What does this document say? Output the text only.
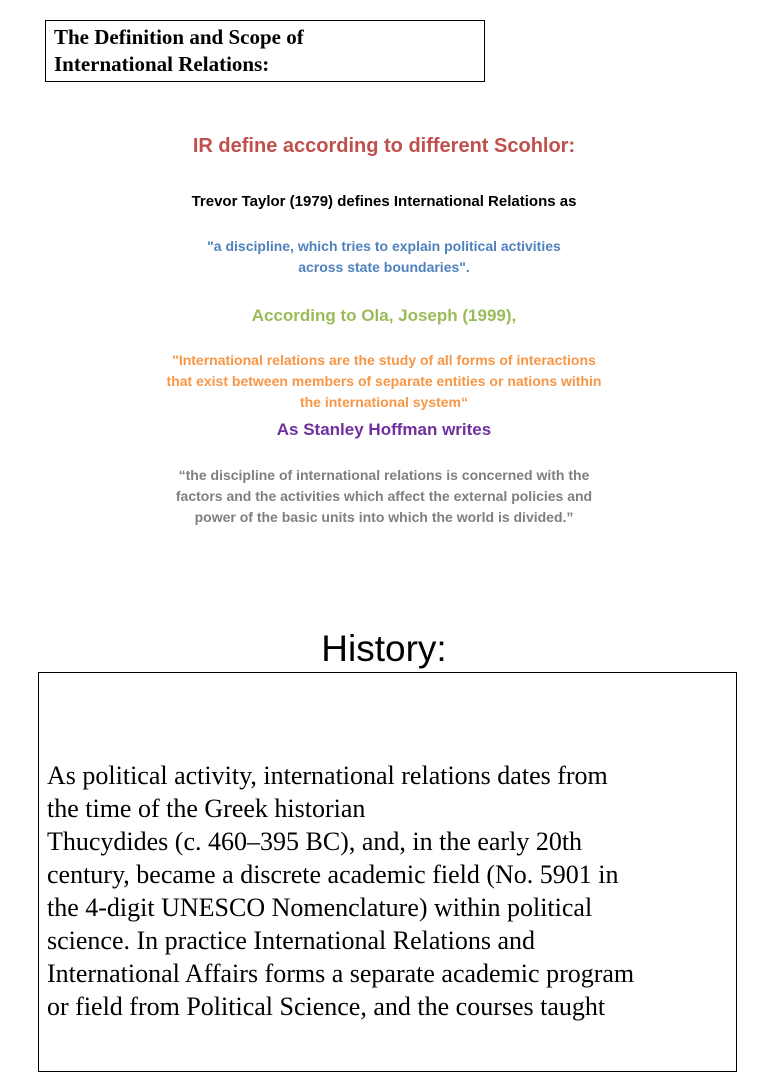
The Definition and Scope of
International Relations:
IR define according to different Scohlor:
Trevor Taylor (1979) defines International Relations as
"a discipline, which tries to explain political activities
across state boundaries".
According to Ola, Joseph (1999),
"International relations are the study of all forms of interactions
that exist between members of separate entities or nations within
the international system“
As Stanley Hoffman writes
“the discipline of international relations is concerned with the
factors and the activities which affect the external policies and
power of the basic units into which the world is divided.”
History:
As political activity, international relations dates from
the time of the Greek historian
Thucydides (c. 460–395 BC), and, in the early 20th
century, became a discrete academic field (No. 5901 in
the 4-digit UNESCO Nomenclature) within political
science. In practice International Relations and
International Affairs forms a separate academic program
or field from Political Science, and the courses taught
